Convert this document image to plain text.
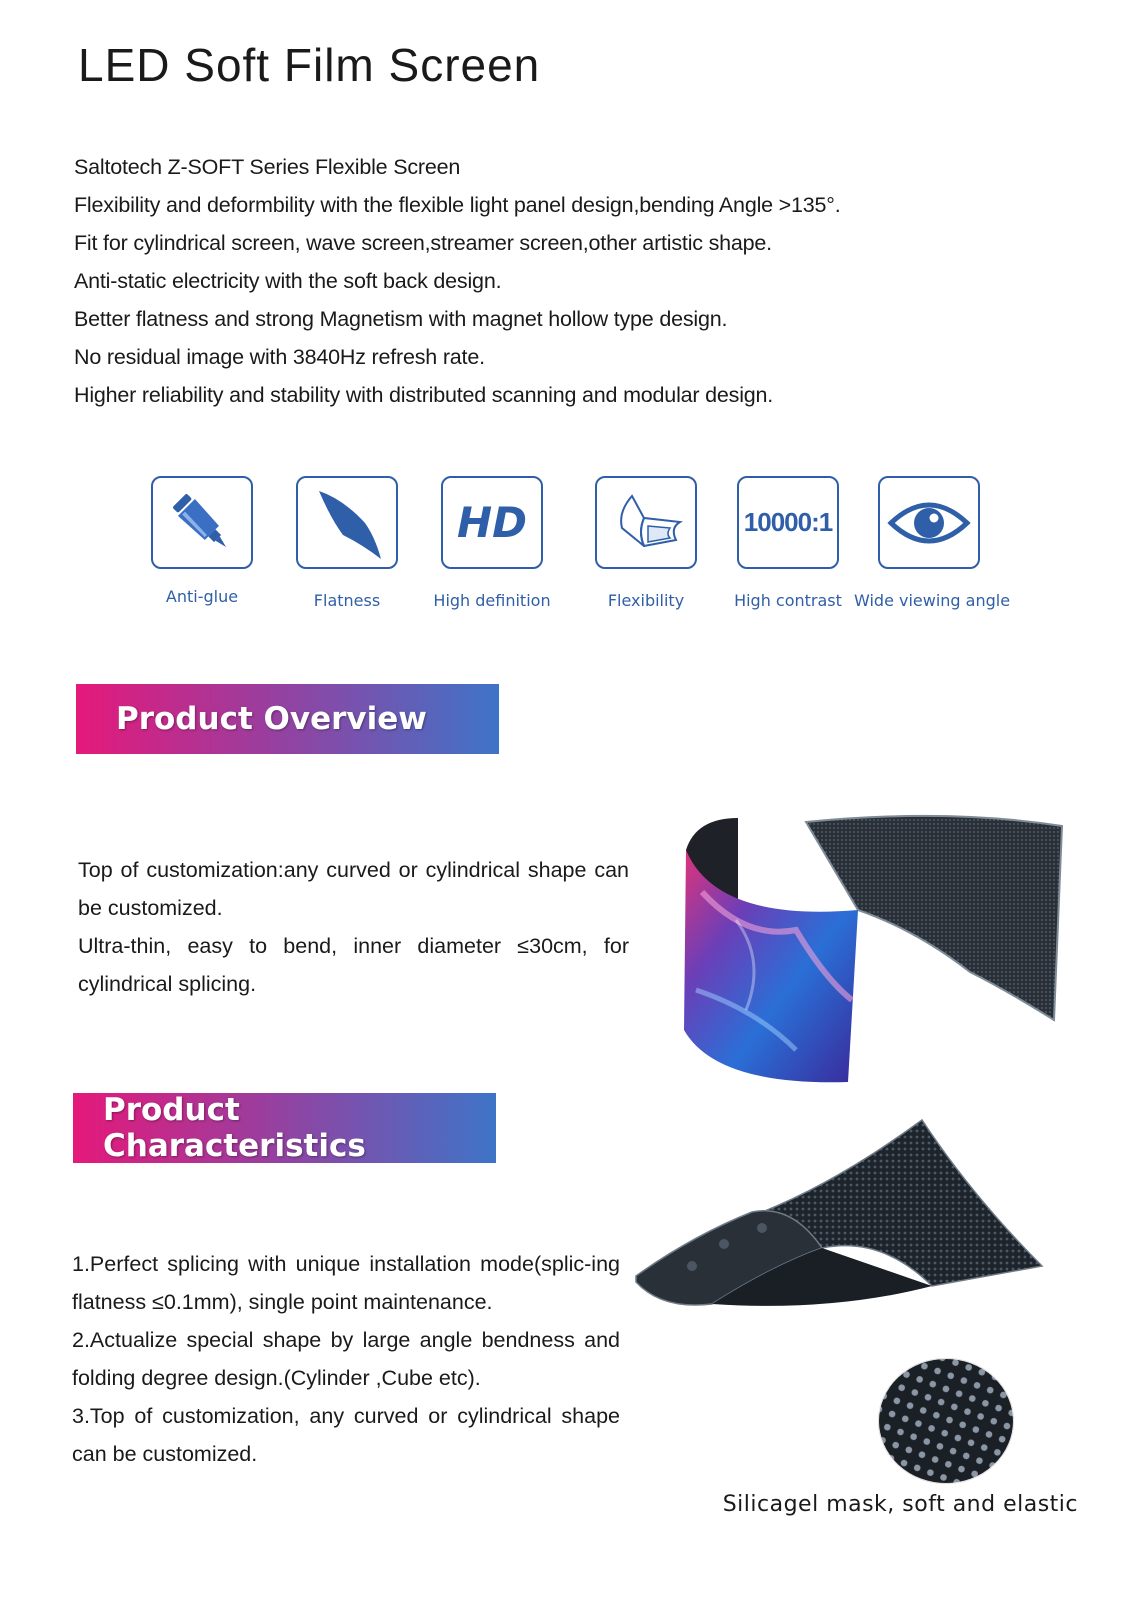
LED Soft Film Screen
Saltotech Z-SOFT Series Flexible Screen
Flexibility and deformbility with the flexible light panel design,bending Angle >135°.
Fit for cylindrical screen, wave screen,streamer screen,other artistic shape.
Anti-static electricity with the soft back design.
Better flatness and strong Magnetism with magnet hollow type design.
No residual image with 3840Hz refresh rate.
Higher reliability and stability with distributed scanning and modular design.
Anti-glue	Flatness
HD
High definition	Flexibility
10000:1
High contrast Wide viewing angle
Product Overview
Top of customization:any curved or cylindrical shape can be customized.
Ultra-thin, easy to bend, inner diameter ≤30cm, for cylindrical splicing.
Product Characteristics
1.Perfect splicing with unique installation mode(splic-ing flatness ≤0.1mm), single point maintenance.
2.Actualize special shape by large angle bendness and folding degree design.(Cylinder ,Cube etc).
3.Top of customization, any curved or cylindrical shape can be customized.
Silicagel mask, soft and elastic
